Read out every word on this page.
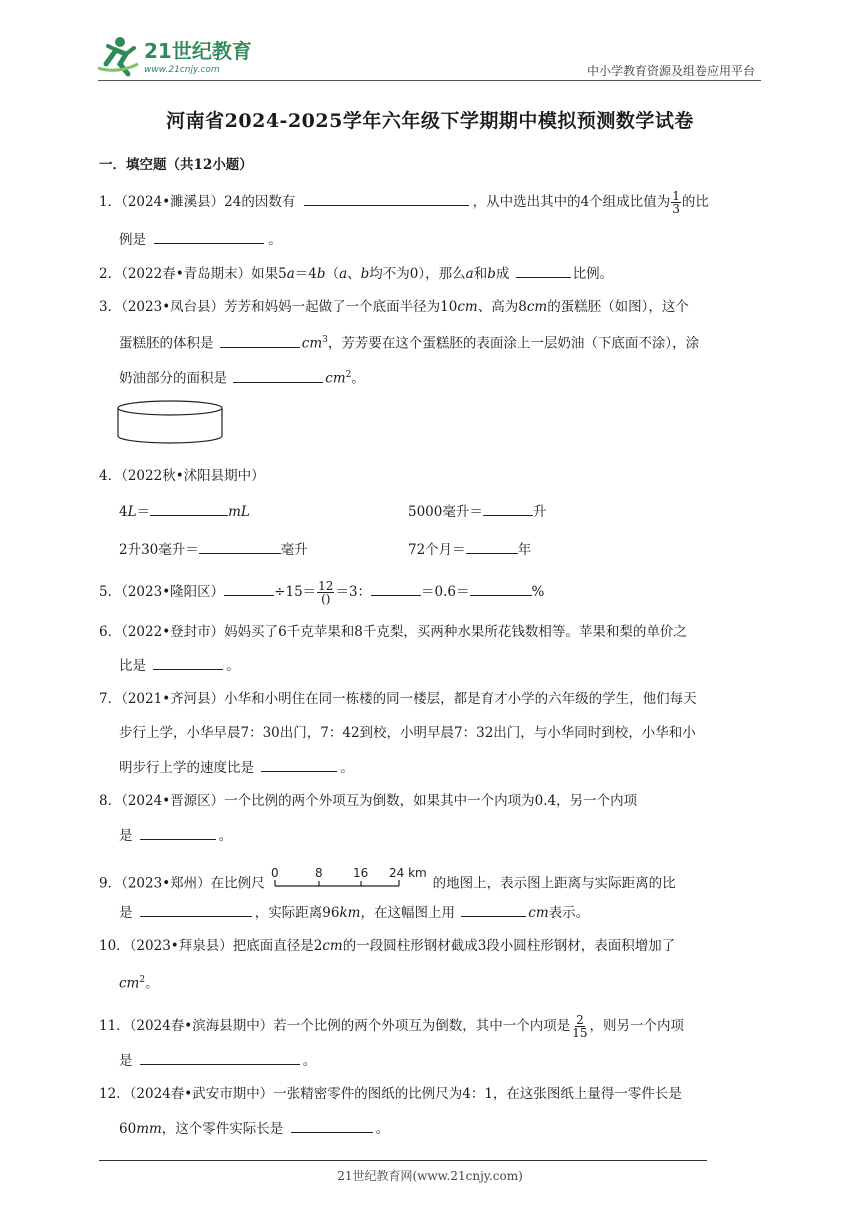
21世纪教育
www.21cnjy.com	中小学教育资源及组卷应用平台
河南省2024-2025学年六年级下学期期中模拟预测数学试卷
一．填空题（共12小题）
1．（2024•濉溪县）24的因数有	，从中选出其中的4个组成比值为 $\frac{1}{3}$ 的比
例是	。
2．（2022春•青岛期末）如果5a＝4b（a、b均不为0），那么a和b成	比例。
3．（2023•凤台县）芳芳和妈妈一起做了一个底面半径为10cm、高为8cm的蛋糕胚（如图），这个
蛋糕胚的体积是	$cm^3$，芳芳要在这个蛋糕胚的表面涂上一层奶油（下底面不涂），涂
奶油部分的面积是	$cm^2$。
4．（2022秋•沭阳县期中）
4L＝	mL	5000毫升＝	升
2升30毫升＝	毫升	72个月＝	年
5．（2023•隆阳区）	$\div 15= \frac{12}{()} =3$：	＝0.6＝	%
6．（2022•登封市）妈妈买了6千克苹果和8千克梨，买两种水果所花钱数相等。苹果和梨的单价之
比是	。
7．（2021•齐河县）小华和小明住在同一栋楼的同一楼层，都是育才小学的六年级的学生，他们每天
步行上学，小华早晨7：30出门，7：42到校，小明早晨7：32出门，与小华同时到校，小华和小
明步行上学的速度比是	。
8．（2024•晋源区）一个比例的两个外项互为倒数，如果其中一个内项为0.4，另一个内项
是	。
9．（2023•郑州）在比例尺
0	8	16 24 km
的地图上，表示图上距离与实际距离的比
是	，实际距离96km，在这幅图上用	cm表示。
10．（2023•拜泉县）把底面直径是2cm的一段圆柱形钢材截成3段小圆柱形钢材，表面积增加了
$cm^2$。
11．（2024春•滨海县期中）若一个比例的两个外项互为倒数，其中一个内项是 $\frac{2}{15}$ ，则另一个内项
是	。
12．（2024春•武安市期中）一张精密零件的图纸的比例尺为4：1，在这张图纸上量得一零件长是
60mm，这个零件实际长是	。
21世纪教育网(www.21cnjy.com)
